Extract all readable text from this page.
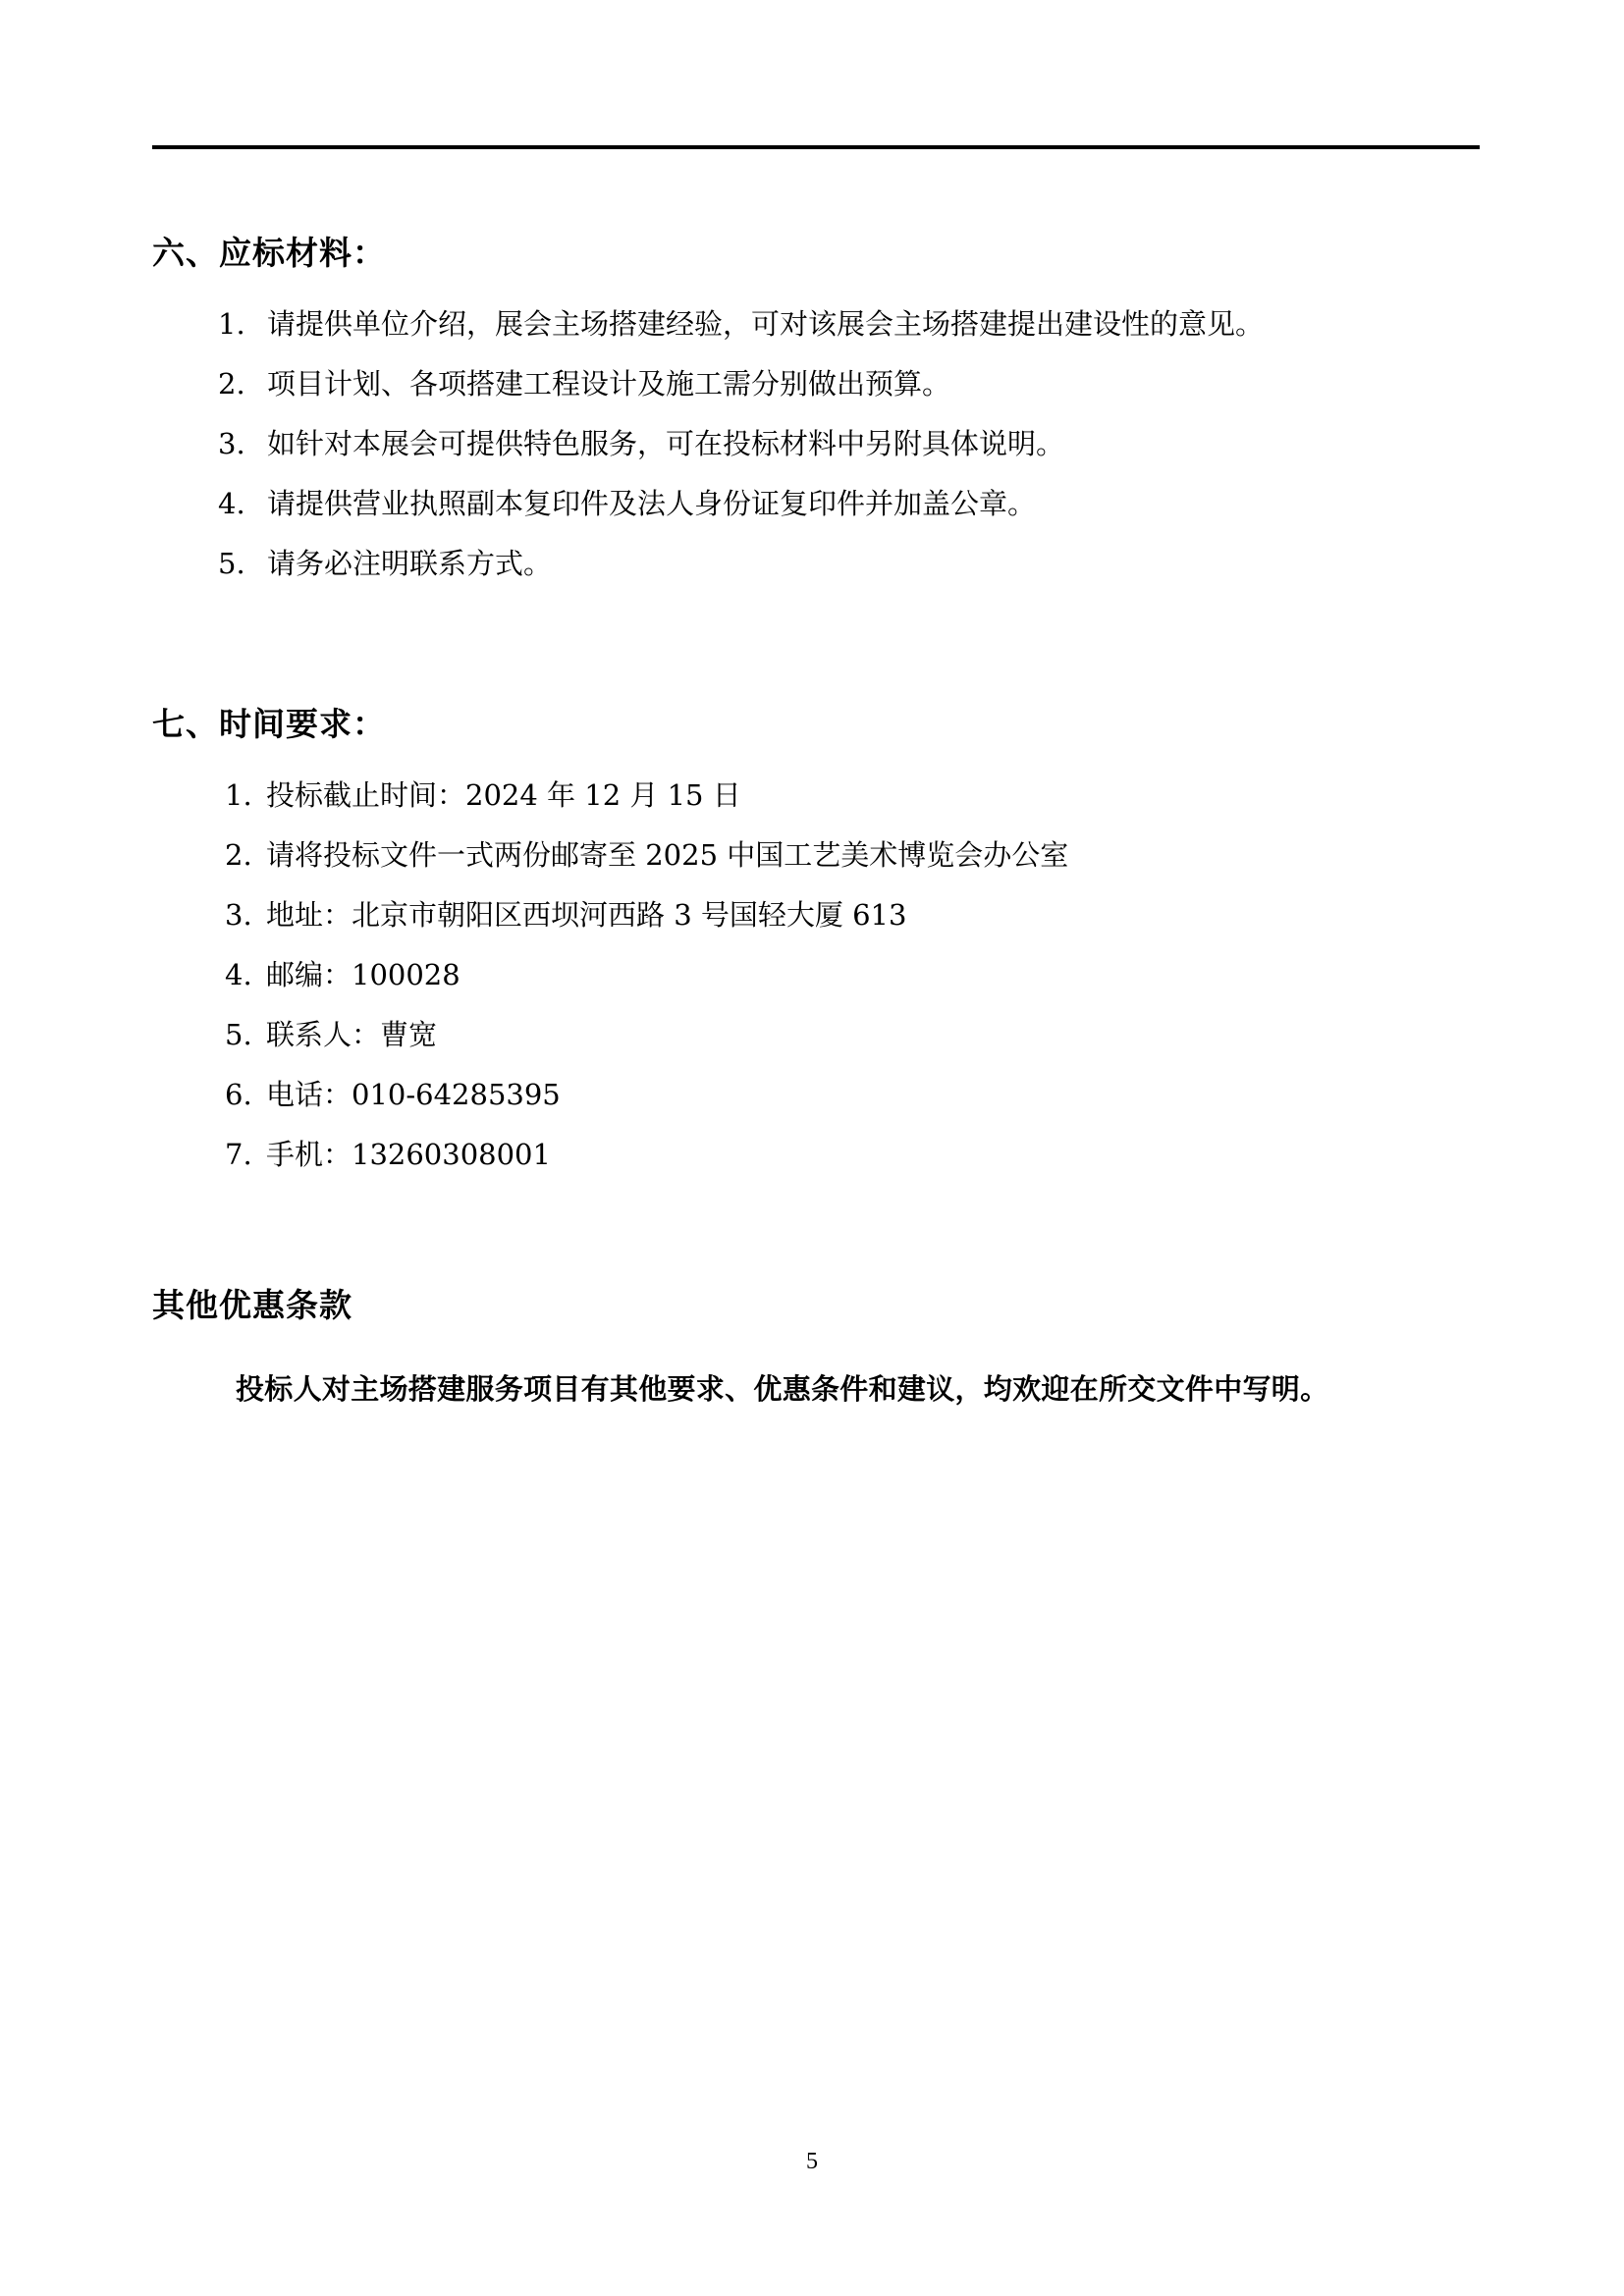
六、应标材料：
1. 请提供单位介绍，展会主场搭建经验，可对该展会主场搭建提出建设性的意见。
2. 项目计划、各项搭建工程设计及施工需分别做出预算。
3. 如针对本展会可提供特色服务，可在投标材料中另附具体说明。
4. 请提供营业执照副本复印件及法人身份证复印件并加盖公章。
5. 请务必注明联系方式。
七、时间要求：
1. 投标截止时间：2024 年 12 月 15 日
2. 请将投标文件一式两份邮寄至 2025 中国工艺美术博览会办公室
3. 地址：北京市朝阳区西坝河西路 3 号国轻大厦 613
4. 邮编：100028
5. 联系人：曹宽
6. 电话：010-64285395
7. 手机：13260308001
其他优惠条款
投标人对主场搭建服务项目有其他要求、优惠条件和建议，均欢迎在所交文件中写明。
5
